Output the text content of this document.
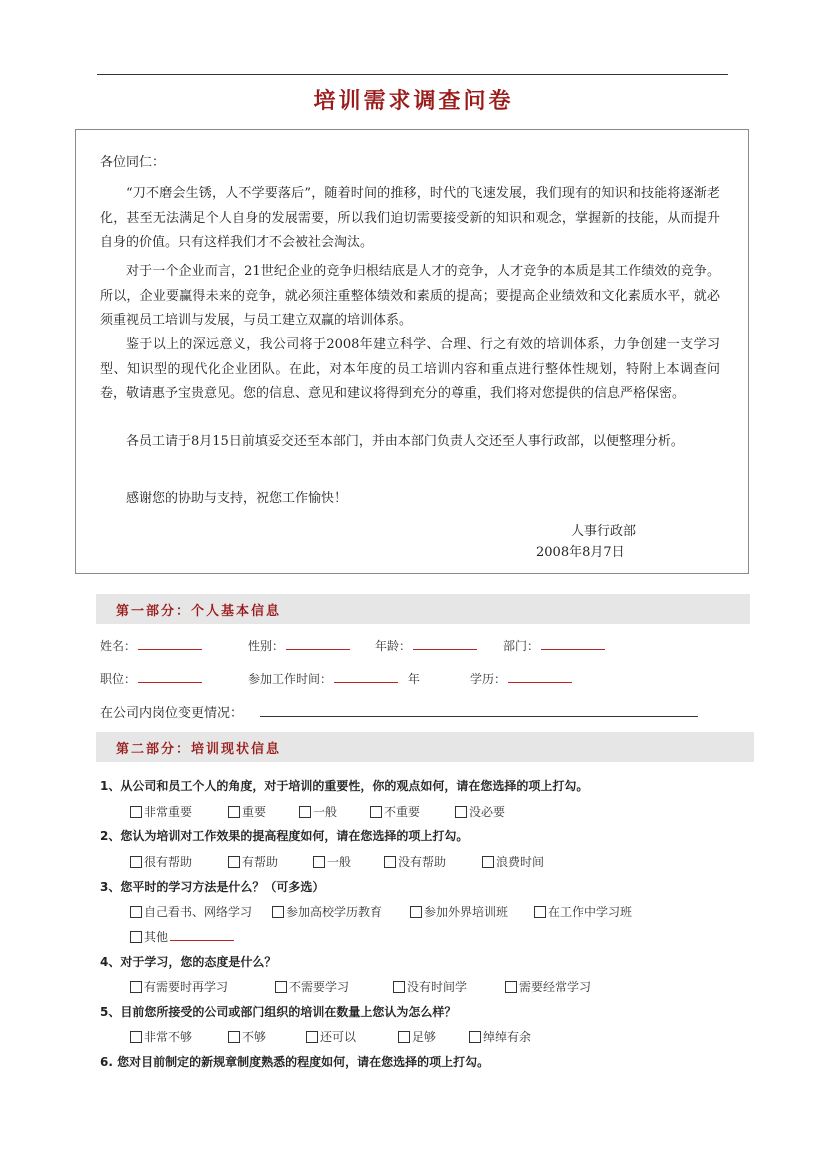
培训需求调查问卷
各位同仁：
“刀不磨会生锈，人不学要落后”，随着时间的推移，时代的飞速发展，我们现有的知识和技能将逐渐老化，甚至无法满足个人自身的发展需要，所以我们迫切需要接受新的知识和观念，掌握新的技能，从而提升自身的价值。只有这样我们才不会被社会淘汰。
对于一个企业而言，21世纪企业的竞争归根结底是人才的竞争，人才竞争的本质是其工作绩效的竞争。所以，企业要赢得未来的竞争，就必须注重整体绩效和素质的提高；要提高企业绩效和文化素质水平，就必须重视员工培训与发展，与员工建立双赢的培训体系。
鉴于以上的深远意义，我公司将于2008年建立科学、合理、行之有效的培训体系，力争创建一支学习型、知识型的现代化企业团队。在此，对本年度的员工培训内容和重点进行整体性规划，特附上本调查问卷，敬请惠予宝贵意见。您的信息、意见和建议将得到充分的尊重，我们将对您提供的信息严格保密。
各员工请于8月15日前填妥交还至本部门，并由本部门负责人交还至人事行政部，以便整理分析。
感谢您的协助与支持，祝您工作愉快！
人事行政部
2008年8月7日
第一部分：个人基本信息
姓名：	性别：	年龄：	部门：
职位：	参加工作时间：	年	学历：
在公司内岗位变更情况：
第二部分：培训现状信息
1、从公司和员工个人的角度，对于培训的重要性，你的观点如何，请在您选择的项上打勾。
非常重要	重要	一般	不重要	没必要
2、您认为培训对工作效果的提高程度如何，请在您选择的项上打勾。
很有帮助	有帮助	一般	没有帮助	浪费时间
3、您平时的学习方法是什么？（可多选）
自己看书、网络学习	参加高校学历教育	参加外界培训班	在工作中学习班
其他
4、对于学习，您的态度是什么？
有需要时再学习	不需要学习	没有时间学	需要经常学习
5、目前您所接受的公司或部门组织的培训在数量上您认为怎么样？
非常不够	不够	还可以	足够	绰绰有余
6. 您对目前制定的新规章制度熟悉的程度如何，请在您选择的项上打勾。
